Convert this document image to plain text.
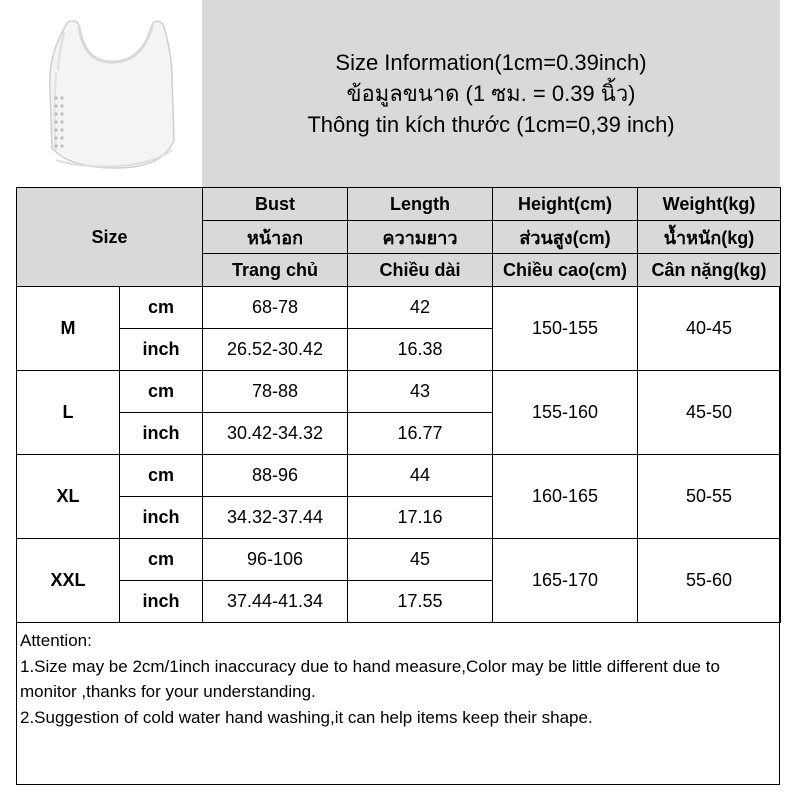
Size Information(1cm=0.39inch)
ข้อมูลขนาด (1 ซม. = 0.39 นิ้ว)
Thông tin kích thước (1cm=0,39 inch)
Size		Bust	Length	Height(cm)	Weight(kg)
		หน้าอก	ความยาว	ส่วนสูง(cm)	น้ำหนัก(kg)
		Trang chủ	Chiều dài	Chiều cao(cm)	Cân nặng(kg)
M	cm	68-78	42	150-155	40-45
	inch	26.52-30.42	16.38		
L	cm	78-88	43	155-160	45-50
	inch	30.42-34.32	16.77		
XL	cm	88-96	44	160-165	50-55
	inch	34.32-37.44	17.16		
XXL	cm	96-106	45	165-170	55-60
	inch	37.44-41.34	17.55		
Attention:
1.Size may be 2cm/1inch inaccuracy due to hand measure,Color may be little different due to monitor ,thanks for your understanding.
2.Suggestion of cold water hand washing,it can help items keep their shape.
